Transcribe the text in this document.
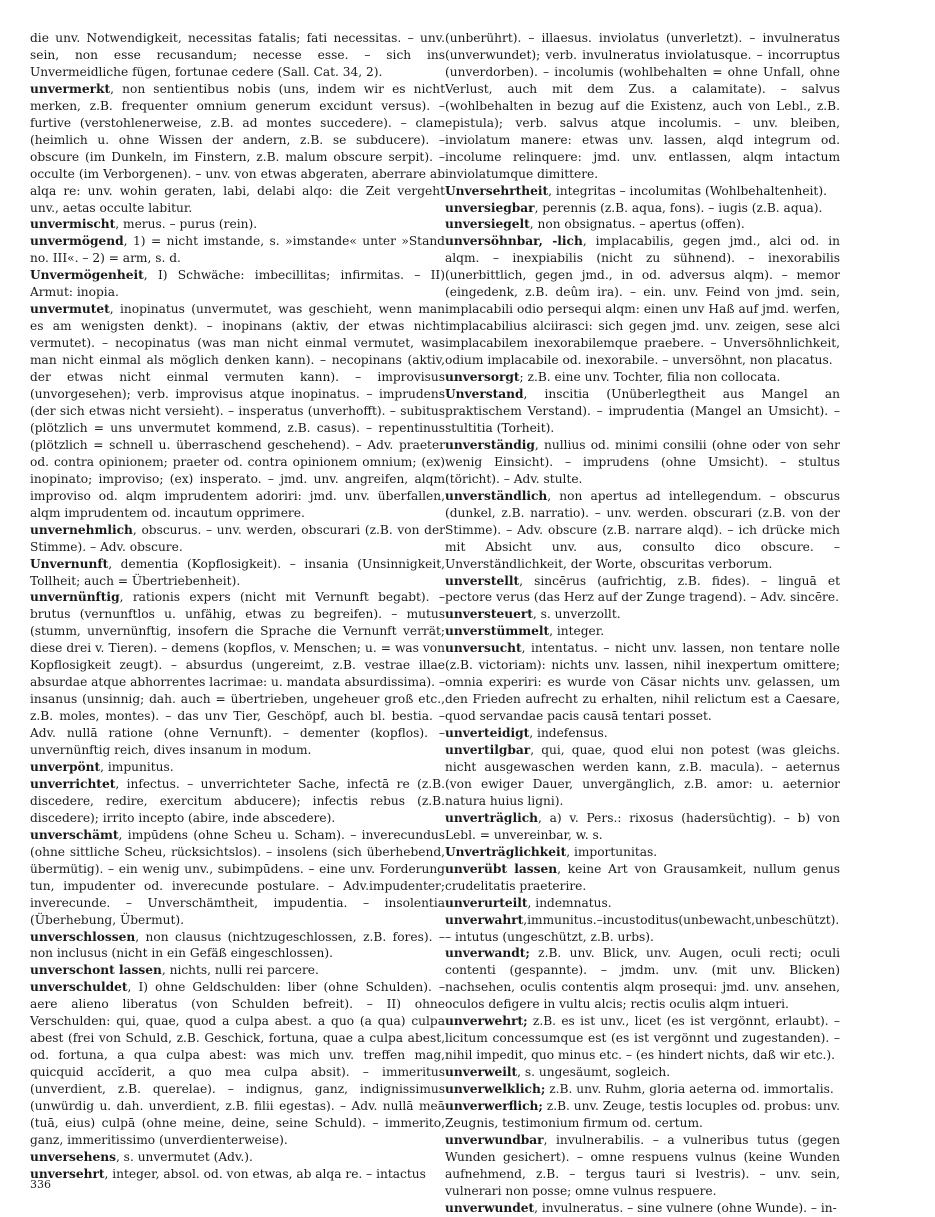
die unv. Notwendigkeit, necessitas fatalis; fati necessitas. – unv. sein, non esse recusandum; necesse esse. – sich ins Unvermeidliche fügen, fortunae cedere (Sall. Cat. 34, 2).

unvermerkt, non sentientibus nobis (uns, indem wir es nicht merken, z.B. frequenter omnium generum excidunt versus). – furtive (verstohlenerweise, z.B. ad montes succedere). – clam (heimlich u. ohne Wissen der andern, z.B. se subducere). – obscure (im Dunkeln, im Finstern, z.B. malum obscure serpit). – occulte (im Verborgenen). – unv. von etwas abgeraten, aberrare ab alqa re: unv. wohin geraten, labi, delabi alqo: die Zeit vergeht unv., aetas occulte labitur.

unvermischt, merus. – purus (rein).

unvermögend, 1) = nicht imstande, s. »imstande« unter »Stand no. III«. – 2) = arm, s. d.

Unvermögenheit, I) Schwäche: imbecillitas; infirmitas. – II) Armut: inopia.

unvermutet, inopinatus (unvermutet, was geschieht, wenn man es am wenigsten denkt). – inopinans (aktiv, der etwas nicht vermutet). – necopinatus (was man nicht einmal vermutet, was man nicht einmal als möglich denken kann). – necopinans (aktiv, der etwas nicht einmal vermuten kann). – improvisus (unvorgesehen); verb. improvisus atque inopinatus. – imprudens (der sich etwas nicht versieht). – insperatus (unverhofft). – subitus (plötzlich = uns unvermutet kommend, z.B. casus). – repentinus (plötzlich = schnell u. überraschend geschehend). – Adv. praeter od. contra opinionem; praeter od. contra opinionem omnium; (ex) inopinato; improviso; (ex) insperato. – jmd. unv. angreifen, alqm improviso od. alqm imprudentem adoriri: jmd. unv. überfallen, alqm imprudentem od. incautum opprimere.

unvernehmlich, obscurus. – unv. werden, obscurari (z.B. von der Stimme). – Adv. obscure.

Unvernunft, dementia (Kopflosigkeit). – insania (Unsinnigkeit, Tollheit; auch = Übertriebenheit).

unvernünftig, rationis expers (nicht mit Vernunft begabt). – brutus (vernunftlos u. unfähig, etwas zu begreifen). – mutus (stumm, unvernünftig, insofern die Sprache die Vernunft verrät; diese drei v. Tieren). – demens (kopflos, v. Menschen; u. = was von Kopflosigkeit zeugt). – absurdus (ungereimt, z.B. vestrae illae absurdae atque abhorrentes lacrimae: u. mandata absurdissima). – insanus (unsinnig; dah. auch = übertrieben, ungeheuer groß etc., z.B. moles, montes). – das unv Tier, Geschöpf, auch bl. bestia. – Adv. nullā ratione (ohne Vernunft). – dementer (kopflos). – unvernünftig reich, dives insanum in modum.

unverpönt, impunitus.

unverrichtet, infectus. – unverrichteter Sache, infectā re (z.B. discedere, redire, exercitum abducere); infectis rebus (z.B. discedere); irrito incepto (abire, inde abscedere).

unverschämt, impūdens (ohne Scheu u. Scham). – inverecundus (ohne sittliche Scheu, rücksichtslos). – insolens (sich überhebend, übermütig). – ein wenig unv., subimpūdens. – eine unv. Forderung tun, impudenter od. inverecunde postulare. – Adv.impudenter; inverecunde. – Unverschämtheit, impudentia. – insolentia (Überhebung, Übermut).

unverschlossen, non clausus (nichtzugeschlossen, z.B. fores). – non inclusus (nicht in ein Gefäß eingeschlossen).

unverschont lassen, nichts, nulli rei parcere.

unverschuldet, I) ohne Geldschulden: liber (ohne Schulden). – aere alieno liberatus (von Schulden befreit). – II) ohne Verschulden: qui, quae, quod a culpa abest. a quo (a qua) culpa abest (frei von Schuld, z.B. Geschick, fortuna, quae a culpa abest, od. fortuna, a qua culpa abest: was mich unv. treffen mag, quicquid accĭderit, a quo mea culpa absit). – immeritus (unverdient, z.B. querelae). – indignus, ganz, indignissimus (unwürdig u. dah. unverdient, z.B. filii egestas). – Adv. nullā meā (tuā, eius) culpā (ohne meine, deine, seine Schuld). – immerito, ganz, immeritissimo (unverdienterweise).

unversehens, s. unvermutet (Adv.).

unversehrt, integer, absol. od. von etwas, ab alqa re. – intactus

(unberührt). – illaesus. inviolatus (unverletzt). – invulneratus (unverwundet); verb. invulneratus inviolatusque. – incorruptus (unverdorben). – incolumis (wohlbehalten = ohne Unfall, ohne Verlust, auch mit dem Zus. a calamitate). – salvus (wohlbehalten in bezug auf die Existenz, auch von Lebl., z.B. epistula); verb. salvus atque incolumis. – unv. bleiben, inviolatum manere: etwas unv. lassen, alqd integrum od. incolume relinquere: jmd. unv. entlassen, alqm intactum inviolatumque dimittere.

Unversehrtheit, integritas – incolumitas (Wohlbehaltenheit).

unversiegbar, perennis (z.B. aqua, fons). – iugis (z.B. aqua).

unversiegelt, non obsignatus. – apertus (offen).

unversöhnbar, -lich, implacabilis, gegen jmd., alci od. in alqm. – inexpiabilis (nicht zu sühnend). – inexorabilis (unerbittlich, gegen jmd., in od. adversus alqm). – memor (eingedenk, z.B. deûm ira). – ein. unv. Feind von jmd. sein, implacabili odio persequi alqm: einen unv Haß auf jmd. werfen, implacabilius alciirasci: sich gegen jmd. unv. zeigen, sese alci implacabilem inexorabilemque praebere. – Unversöhnlichkeit, odium implacabile od. inexorabile. – unversöhnt, non placatus.

unversorgt; z.B. eine unv. Tochter, filia non collocata.

Unverstand, inscitia (Unüberlegtheit aus Mangel an praktischem Verstand). – imprudentia (Mangel an Umsicht). – stultitia (Torheit).

unverständig, nullius od. minimi consilii (ohne oder von sehr wenig Einsicht). – imprudens (ohne Umsicht). – stultus (töricht). – Adv. stulte.

unverständlich, non apertus ad intellegendum. – obscurus (dunkel, z.B. narratio). – unv. werden. obscurari (z.B. von der Stimme). – Adv. obscure (z.B. narrare alqd). – ich drücke mich mit Absicht unv. aus, consulto dico obscure. – Unverständlichkeit, der Worte, obscuritas verborum.

unverstellt, sincērus (aufrichtig, z.B. fides). – linguā et pectore verus (das Herz auf der Zunge tragend). – Adv. sincēre.

unversteuert, s. unverzollt.

unverstümmelt, integer.

unversucht, intentatus. – nicht unv. lassen, non tentare nolle (z.B. victoriam): nichts unv. lassen, nihil inexpertum omittere; omnia experiri: es wurde von Cäsar nichts unv. gelassen, um den Frieden aufrecht zu erhalten, nihil relictum est a Caesare, quod servandae pacis causā tentari posset.

unverteidigt, indefensus.

unvertilgbar, qui, quae, quod elui non potest (was gleichs. nicht ausgewaschen werden kann, z.B. macula). – aeternus (von ewiger Dauer, unvergänglich, z.B. amor: u. aeternior natura huius ligni).

unverträglich, a) v. Pers.: rixosus (hadersüchtig). – b) von Lebl. = unvereinbar, w. s.

Unverträglichkeit, importunitas.

unverübt lassen, keine Art von Grausamkeit, nullum genus crudelitatis praeterire.

unverurteilt, indemnatus.

unverwahrt,immunitus.–incustoditus(unbewacht,unbeschützt). – intutus (ungeschützt, z.B. urbs).

unverwandt; z.B. unv. Blick, unv. Augen, oculi recti; oculi contenti (gespannte). – jmdm. unv. (mit unv. Blicken) nachsehen, oculis contentis alqm prosequi: jmd. unv. ansehen, oculos defigere in vultu alcis; rectis oculis alqm intueri.

unverwehrt; z.B. es ist unv., licet (es ist vergönnt, erlaubt). – licitum concessumque est (es ist vergönnt und zugestanden). – nihil impedit, quo minus etc. – (es hindert nichts, daß wir etc.).

unverweilt, s. ungesäumt, sogleich.

unverwelklich; z.B. unv. Ruhm, gloria aeterna od. immortalis.

unverwerflich; z.B. unv. Zeuge, testis locuples od. probus: unv. Zeugnis, testimonium firmum od. certum.

unverwundbar, invulnerabilis. – a vulneribus tutus (gegen Wunden gesichert). – omne respuens vulnus (keine Wunden aufnehmend, z.B. – tergus tauri si lvestris). – unv. sein, vulnerari non posse; omne vulnus respuere.

unverwundet, invulneratus. – sine vulnere (ohne Wunde). – in-

336
